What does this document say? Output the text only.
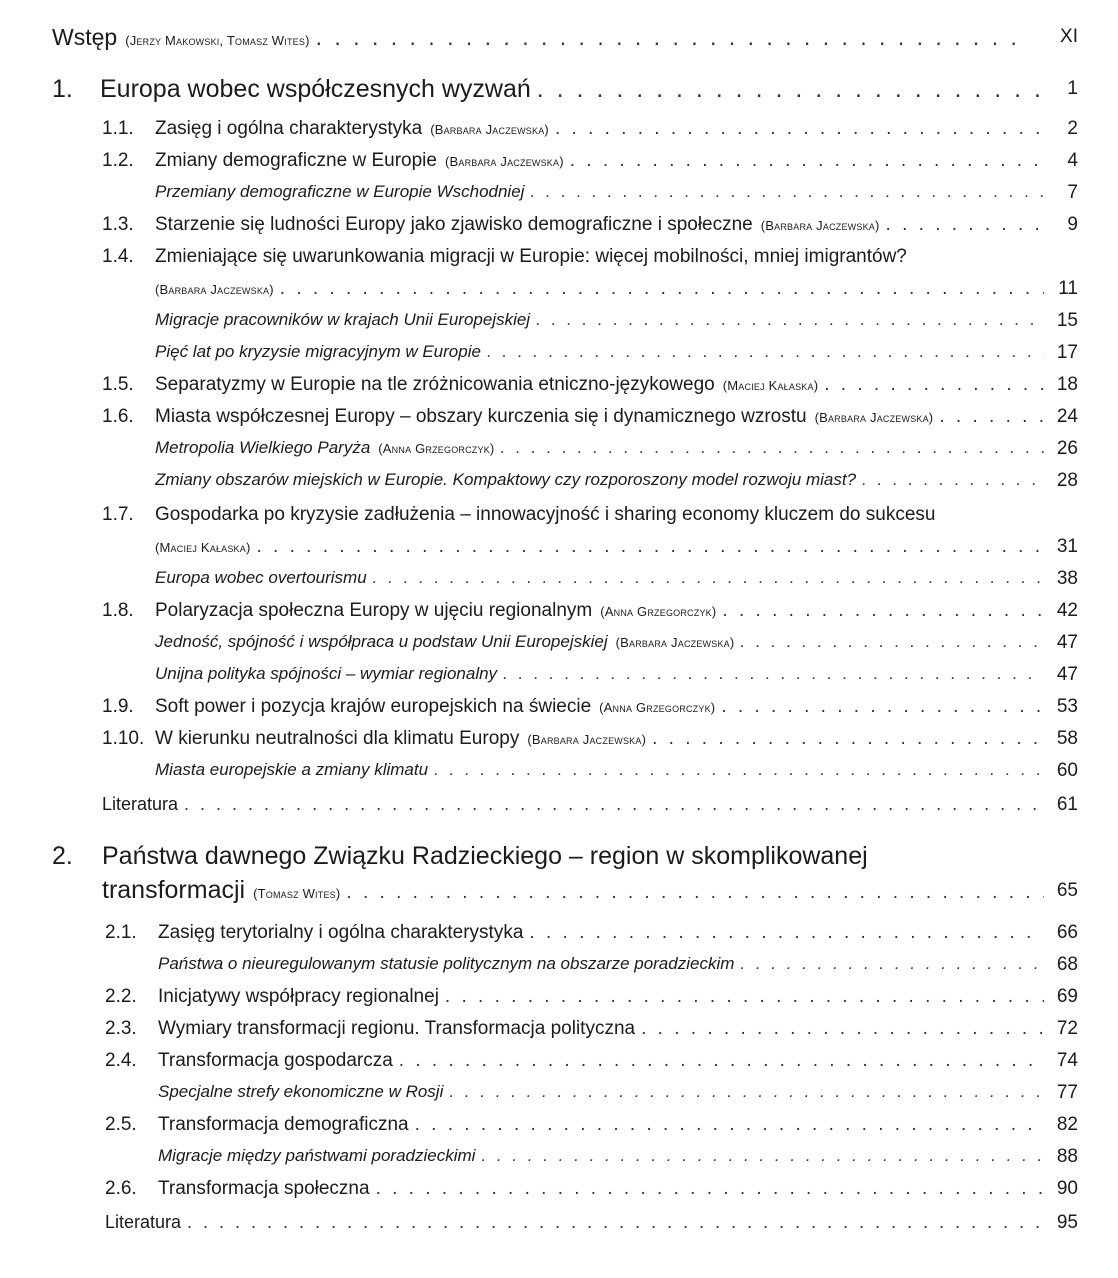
Wstęp (Jerzy Makowski, Tomasz Wites) . . .	XI
1. Europa wobec współczesnych wyzwań . . .	1
1.1. Zasięg i ogólna charakterystyka (Barbara Jaczewska) . . .	2
1.2. Zmiany demograficzne w Europie (Barbara Jaczewska) . . .	4
Przemiany demograficzne w Europie Wschodniej . . .	7
1.3. Starzenie się ludności Europy jako zjawisko demograficzne i społeczne (Barbara Jaczewska) . . .	9
1.4. Zmieniające się uwarunkowania migracji w Europie: więcej mobilności, mniej imigrantów?
(Barbara Jaczewska) . . .	11
Migracje pracowników w krajach Unii Europejskiej . . .	15
Pięć lat po kryzysie migracyjnym w Europie . . .	17
1.5. Separatyzmy w Europie na tle zróżnicowania etniczno-językowego (Maciej Kałaska) . . .	18
1.6. Miasta współczesnej Europy – obszary kurczenia się i dynamicznego wzrostu (Barbara Jaczewska) . . .	24
Metropolia Wielkiego Paryża (Anna Grzegorczyk) . . .	26
Zmiany obszarów miejskich w Europie. Kompaktowy czy rozporoszony model rozwoju miast? . . .	28
1.7. Gospodarka po kryzysie zadłużenia – innowacyjność i sharing economy kluczem do sukcesu
(Maciej Kałaska) . . .	31
Europa wobec overtourismu . . .	38
1.8. Polaryzacja społeczna Europy w ujęciu regionalnym (Anna Grzegorczyk) . . .	42
Jedność, spójność i współpraca u podstaw Unii Europejskiej (Barbara Jaczewska) . . .	47
Unijna polityka spójności – wymiar regionalny . . .	47
1.9. Soft power i pozycja krajów europejskich na świecie (Anna Grzegorczyk) . . .	53
1.10. W kierunku neutralności dla klimatu Europy (Barbara Jaczewska) . . .	58
Miasta europejskie a zmiany klimatu . . .	60
Literatura . . .	61
2. Państwa dawnego Związku Radzieckiego – region w skomplikowanej
transformacji (Tomasz Wites) . . .	65
2.1. Zasięg terytorialny i ogólna charakterystyka . . .	66
Państwa o nieuregulowanym statusie politycznym na obszarze poradzieckim . . .	68
2.2. Inicjatywy współpracy regionalnej . . .	69
2.3. Wymiary transformacji regionu. Transformacja polityczna . . .	72
2.4. Transformacja gospodarcza . . .	74
Specjalne strefy ekonomiczne w Rosji . . .	77
2.5. Transformacja demograficzna . . .	82
Migracje między państwami poradzieckimi . . .	88
2.6. Transformacja społeczna . . .	90
Literatura . . .	95
